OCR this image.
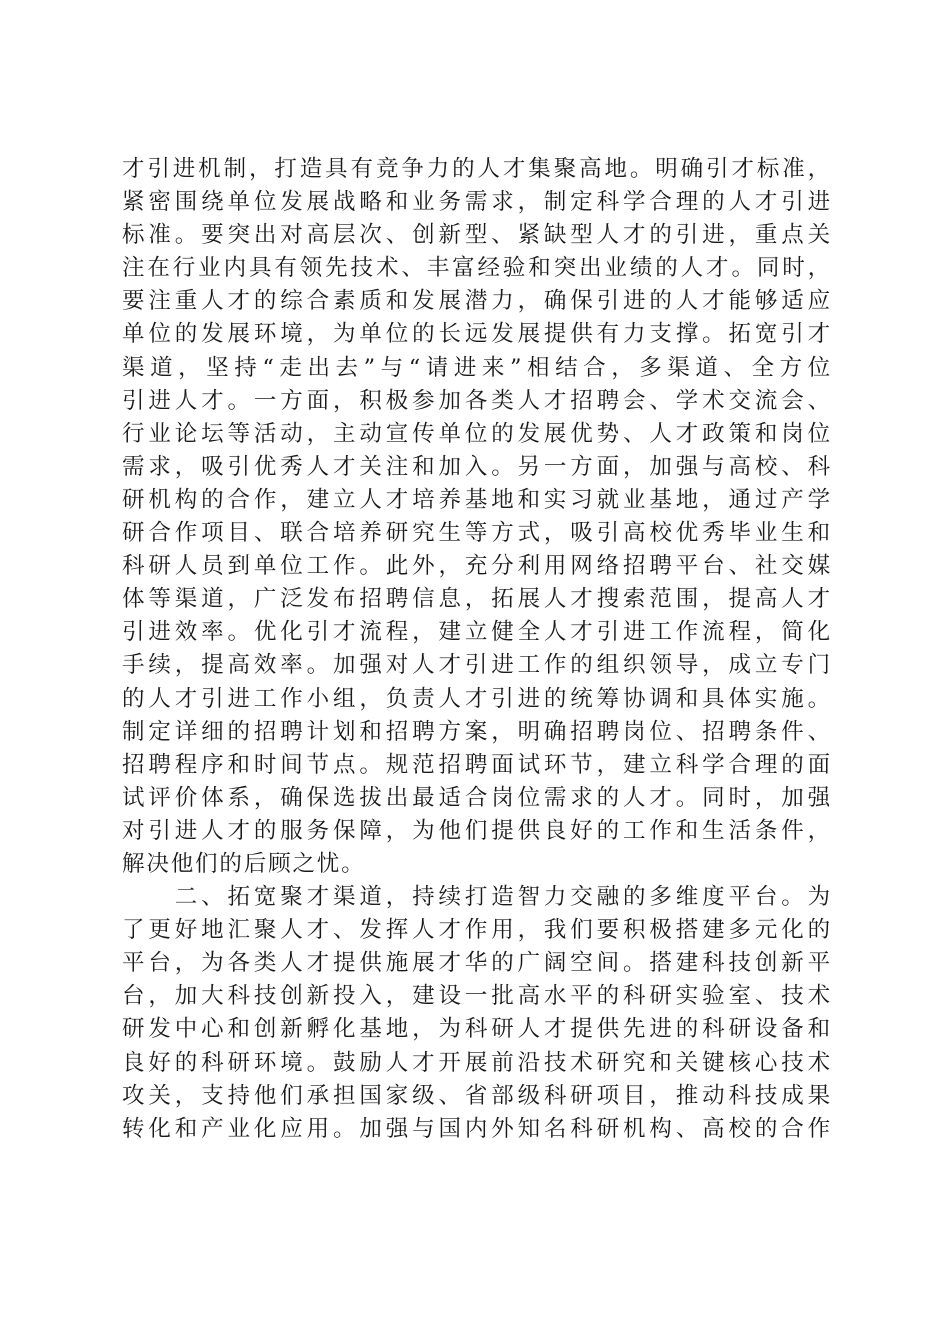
才引进机制，打造具有竞争力的人才集聚高地。明确引才标准，
紧密围绕单位发展战略和业务需求，制定科学合理的人才引进
标准。要突出对高层次、创新型、紧缺型人才的引进，重点关
注在行业内具有领先技术、丰富经验和突出业绩的人才。同时，
要注重人才的综合素质和发展潜力，确保引进的人才能够适应
单位的发展环境，为单位的长远发展提供有力支撑。拓宽引才
渠道，坚持“走出去”与“请进来”相结合，多渠道、全方位
引进人才。一方面，积极参加各类人才招聘会、学术交流会、
行业论坛等活动，主动宣传单位的发展优势、人才政策和岗位
需求，吸引优秀人才关注和加入。另一方面，加强与高校、科
研机构的合作，建立人才培养基地和实习就业基地，通过产学
研合作项目、联合培养研究生等方式，吸引高校优秀毕业生和
科研人员到单位工作。此外，充分利用网络招聘平台、社交媒
体等渠道，广泛发布招聘信息，拓展人才搜索范围，提高人才
引进效率。优化引才流程，建立健全人才引进工作流程，简化
手续，提高效率。加强对人才引进工作的组织领导，成立专门
的人才引进工作小组，负责人才引进的统筹协调和具体实施。
制定详细的招聘计划和招聘方案，明确招聘岗位、招聘条件、
招聘程序和时间节点。规范招聘面试环节，建立科学合理的面
试评价体系，确保选拔出最适合岗位需求的人才。同时，加强
对引进人才的服务保障，为他们提供良好的工作和生活条件，
解决他们的后顾之忧。
　　二、拓宽聚才渠道，持续打造智力交融的多维度平台。为
了更好地汇聚人才、发挥人才作用，我们要积极搭建多元化的
平台，为各类人才提供施展才华的广阔空间。搭建科技创新平
台，加大科技创新投入，建设一批高水平的科研实验室、技术
研发中心和创新孵化基地，为科研人才提供先进的科研设备和
良好的科研环境。鼓励人才开展前沿技术研究和关键核心技术
攻关，支持他们承担国家级、省部级科研项目，推动科技成果
转化和产业化应用。加强与国内外知名科研机构、高校的合作
